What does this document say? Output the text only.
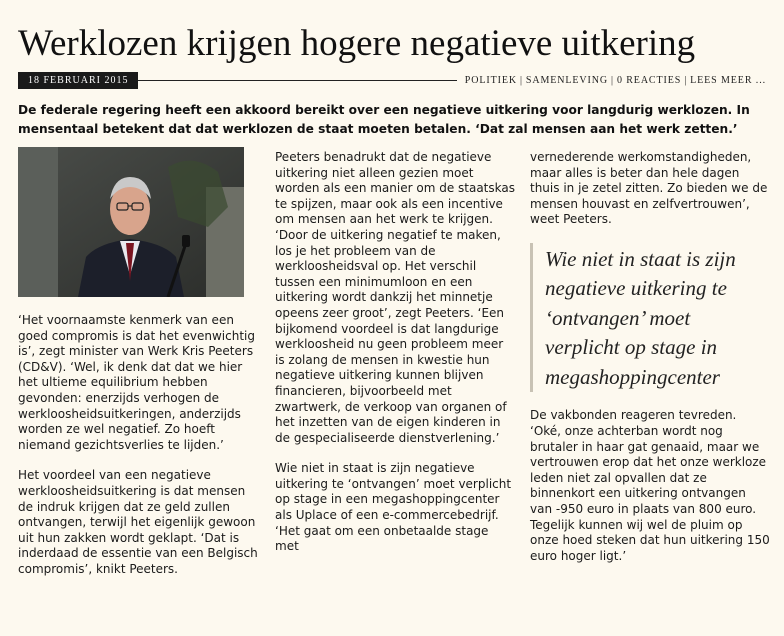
Werklozen krijgen hogere negatieve uitkering
18 FEBRUARI 2015	POLITIEK | SAMENLEVING | 0 REACTIES | LEES MEER ...

De federale regering heeft een akkoord bereikt over een negatieve uitkering voor langdurig werklozen. In mensentaal betekent dat dat werklozen de staat moeten betalen. ‘Dat zal mensen aan het werk zetten.’

‘Het voornaamste kenmerk van een goed compromis is dat het evenwichtig is’, zegt minister van Werk Kris Peeters (CD&V). ‘Wel, ik denk dat dat we hier het ultieme equilibrium hebben gevonden: enerzijds verhogen de werkloosheidsuitkeringen, anderzijds worden ze wel negatief. Zo hoeft niemand gezichtsverlies te lijden.’

Het voordeel van een negatieve werkloosheidsuitkering is dat mensen de indruk krijgen dat ze geld zullen ontvangen, terwijl het eigenlijk gewoon uit hun zakken wordt geklapt. ‘Dat is inderdaad de essentie van een Belgisch compromis’, knikt Peeters.

Peeters benadrukt dat de negatieve uitkering niet alleen gezien moet worden als een manier om de staatskas te spijzen, maar ook als een incentive om mensen aan het werk te krijgen. ‘Door de uitkering negatief te maken, los je het probleem van de werkloosheidsval op. Het verschil tussen een minimumloon en een uitkering wordt dankzij het minnetje opeens zeer groot’, zegt Peeters. ‘Een bijkomend voordeel is dat langdurige werkloosheid nu geen probleem meer is zolang de mensen in kwestie hun negatieve uitkering kunnen blijven financieren, bijvoorbeeld met zwartwerk, de verkoop van organen of het inzetten van de eigen kinderen in de gespecialiseerde dienstverlening.’

Wie niet in staat is zijn negatieve uitkering te ‘ontvangen’ moet verplicht op stage in een megashoppingcenter als Uplace of een e-commercebedrijf. ‘Het gaat om een onbetaalde stage met

vernederende werkomstandigheden, maar alles is beter dan hele dagen thuis in je zetel zitten. Zo bieden we de mensen houvast en zelfvertrouwen’, weet Peeters.

Wie niet in staat is zijn negatieve uitkering te ‘ontvangen’ moet verplicht op stage in megashoppingcenter

De vakbonden reageren tevreden. ‘Oké, onze achterban wordt nog brutaler in haar gat genaaid, maar we vertrouwen erop dat het onze werkloze leden niet zal opvallen dat ze binnenkort een uitkering ontvangen van -950 euro in plaats van 800 euro. Tegelijk kunnen wij wel de pluim op onze hoed steken dat hun uitkering 150 euro hoger ligt.’
